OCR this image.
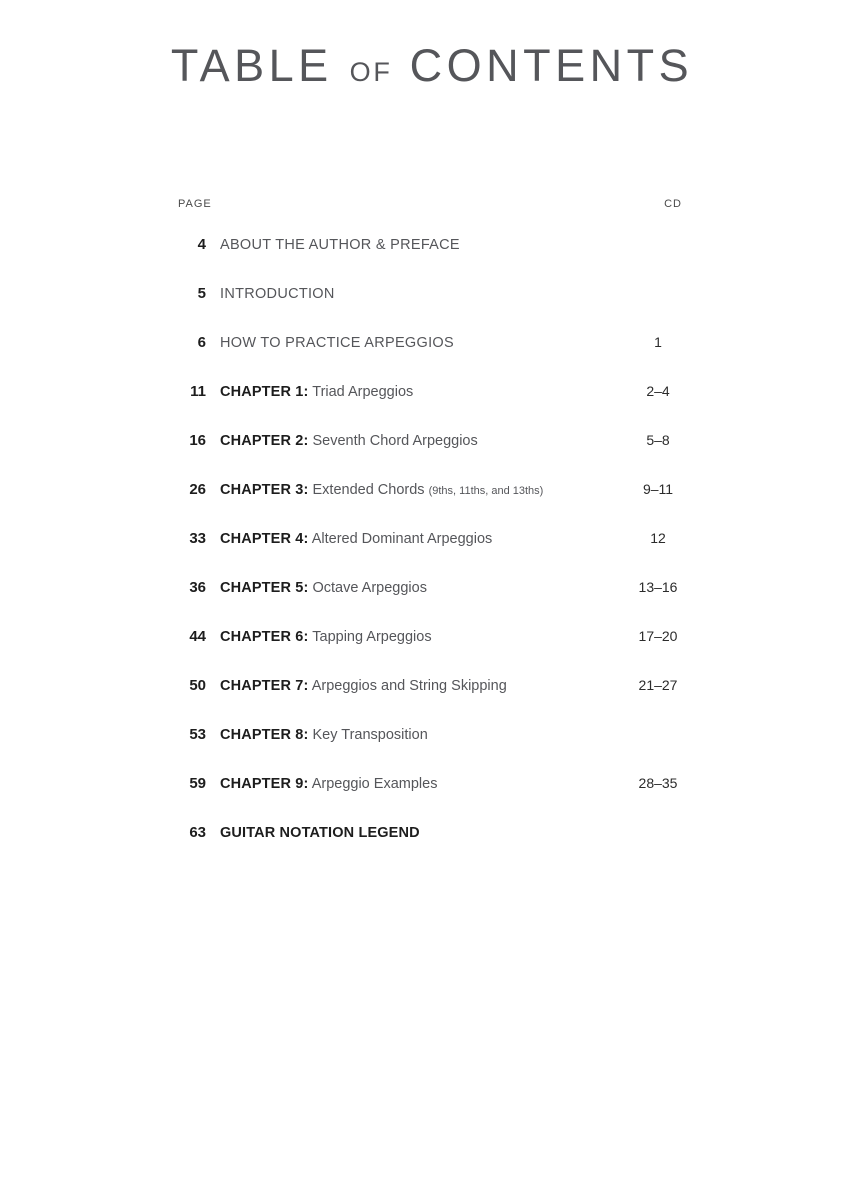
TABLE OF CONTENTS
PAGE	CD
4 ABOUT THE AUTHOR & PREFACE
5 INTRODUCTION
6 HOW TO PRACTICE ARPEGGIOS	1
11 CHAPTER 1: Triad Arpeggios	2–4
16 CHAPTER 2: Seventh Chord Arpeggios	5–8
26 CHAPTER 3: Extended Chords (9ths, 11ths, and 13ths)	9–11
33 CHAPTER 4: Altered Dominant Arpeggios	12
36 CHAPTER 5: Octave Arpeggios	13–16
44 CHAPTER 6: Tapping Arpeggios	17–20
50 CHAPTER 7: Arpeggios and String Skipping	21–27
53 CHAPTER 8: Key Transposition
59 CHAPTER 9: Arpeggio Examples	28–35
63 GUITAR NOTATION LEGEND
